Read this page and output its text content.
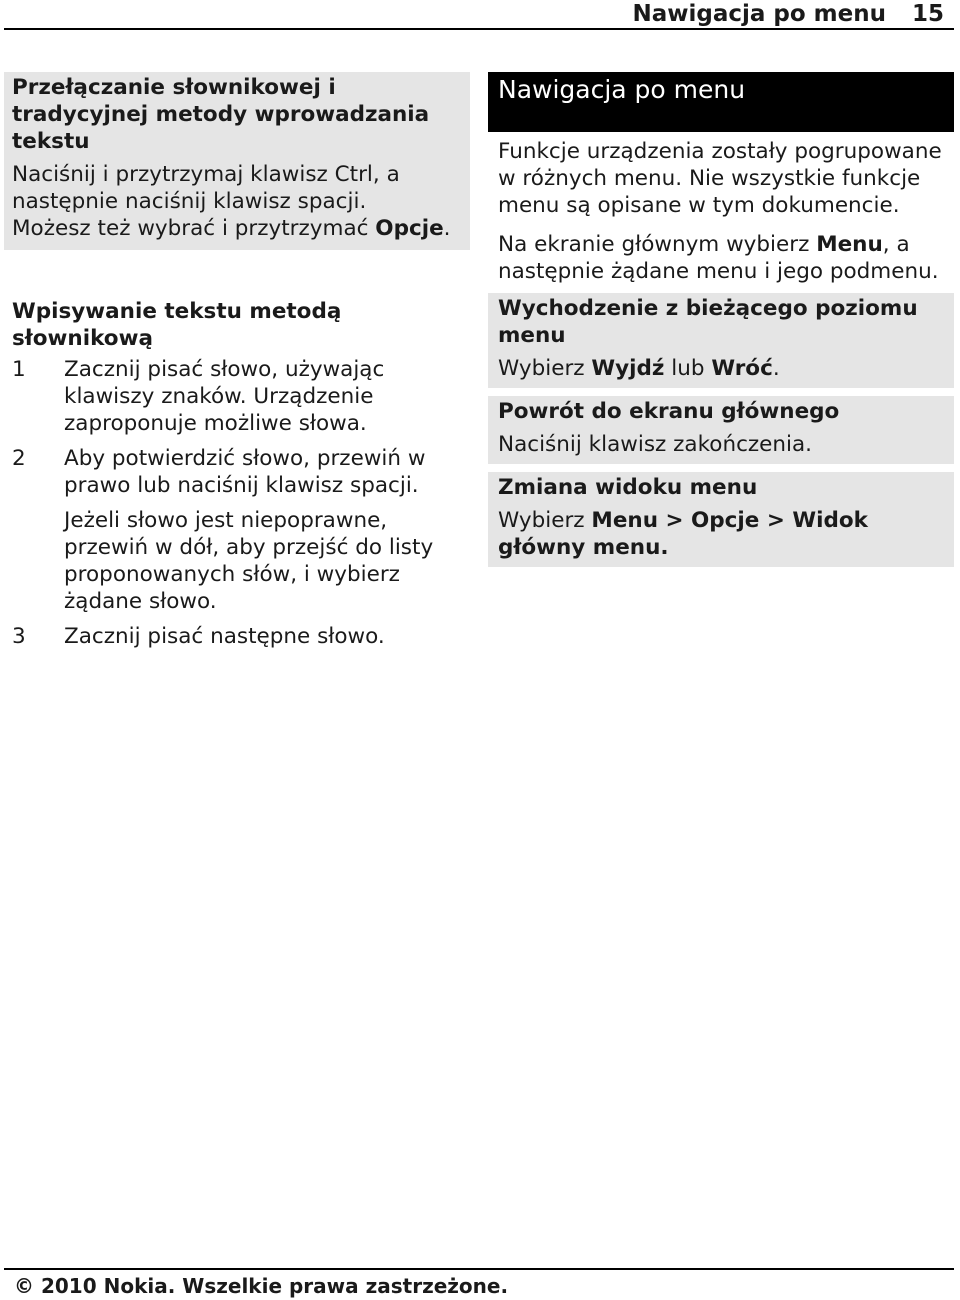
Nawigacja po menu 15

Przełączanie słownikowej i tradycyjnej metody wprowadzania tekstu

Naciśnij i przytrzymaj klawisz Ctrl, a następnie naciśnij klawisz spacji.

Możesz też wybrać i przytrzymać Opcje.

Wpisywanie tekstu metodą słownikową

1	Zacznij pisać słowo, używając klawiszy znaków. Urządzenie zaproponuje możliwe słowa.

2	Aby potwierdzić słowo, przewiń w prawo lub naciśnij klawisz spacji.

Jeżeli słowo jest niepoprawne, przewiń w dół, aby przejść do listy proponowanych słów, i wybierz żądane słowo.

3	Zacznij pisać następne słowo.

Nawigacja po menu

Funkcje urządzenia zostały pogrupowane w różnych menu. Nie wszystkie funkcje menu są opisane w tym dokumencie.

Na ekranie głównym wybierz Menu, a następnie żądane menu i jego podmenu.

Wychodzenie z bieżącego poziomu menu

Wybierz Wyjdź lub Wróć.

Powrót do ekranu głównego

Naciśnij klawisz zakończenia.

Zmiana widoku menu

Wybierz Menu > Opcje > Widok główny menu.

© 2010 Nokia. Wszelkie prawa zastrzeżone.
